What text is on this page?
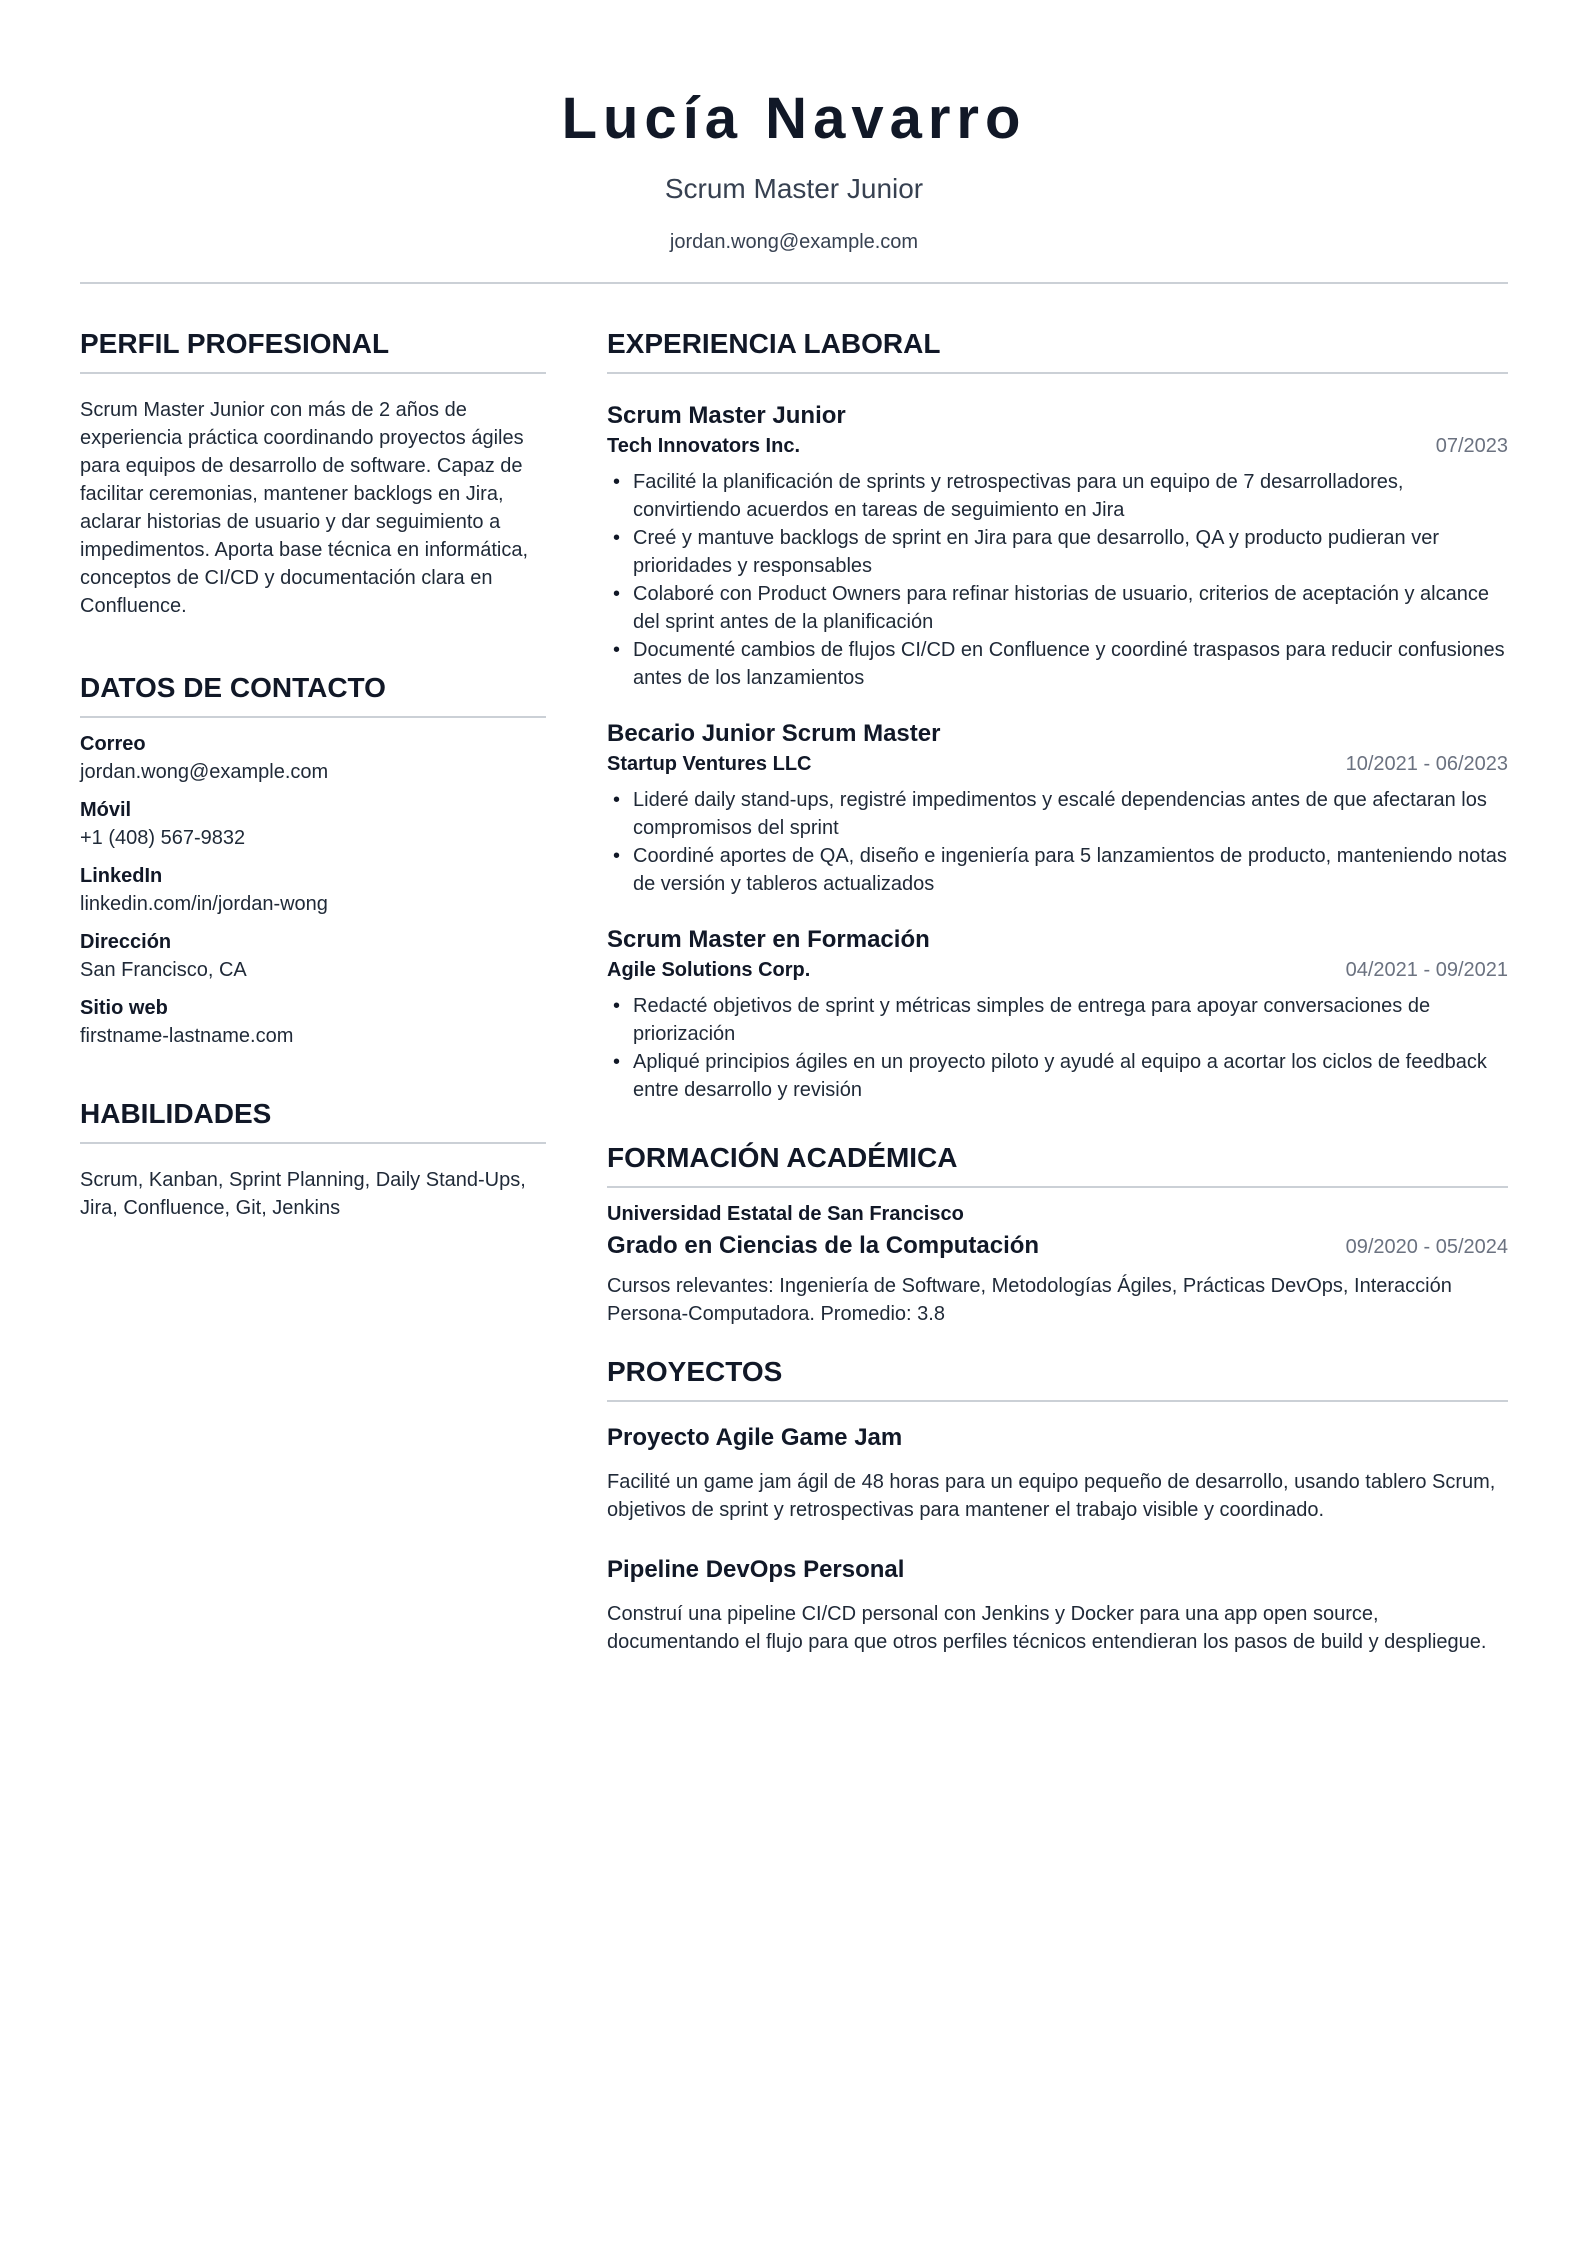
Lucía Navarro
Scrum Master Junior
jordan.wong@example.com
PERFIL PROFESIONAL
Scrum Master Junior con más de 2 años de experiencia práctica coordinando proyectos ágiles para equipos de desarrollo de software. Capaz de facilitar ceremonias, mantener backlogs en Jira, aclarar historias de usuario y dar seguimiento a impedimentos. Aporta base técnica en informática, conceptos de CI/CD y documentación clara en Confluence.
DATOS DE CONTACTO
Correo
jordan.wong@example.com
Móvil
+1 (408) 567-9832
LinkedIn
linkedin.com/in/jordan-wong
Dirección
San Francisco, CA
Sitio web
firstname-lastname.com
HABILIDADES
Scrum, Kanban, Sprint Planning, Daily Stand-Ups, Jira, Confluence, Git, Jenkins
EXPERIENCIA LABORAL
Scrum Master Junior
Tech Innovators Inc.	07/2023
• Facilité la planificación de sprints y retrospectivas para un equipo de 7 desarrolladores, convirtiendo acuerdos en tareas de seguimiento en Jira
• Creé y mantuve backlogs de sprint en Jira para que desarrollo, QA y producto pudieran ver prioridades y responsables
• Colaboré con Product Owners para refinar historias de usuario, criterios de aceptación y alcance del sprint antes de la planificación
• Documenté cambios de flujos CI/CD en Confluence y coordiné traspasos para reducir confusiones antes de los lanzamientos
Becario Junior Scrum Master
Startup Ventures LLC	10/2021 - 06/2023
• Lideré daily stand-ups, registré impedimentos y escalé dependencias antes de que afectaran los compromisos del sprint
• Coordiné aportes de QA, diseño e ingeniería para 5 lanzamientos de producto, manteniendo notas de versión y tableros actualizados
Scrum Master en Formación
Agile Solutions Corp.	04/2021 - 09/2021
• Redacté objetivos de sprint y métricas simples de entrega para apoyar conversaciones de priorización
• Apliqué principios ágiles en un proyecto piloto y ayudé al equipo a acortar los ciclos de feedback entre desarrollo y revisión
FORMACIÓN ACADÉMICA
Universidad Estatal de San Francisco
Grado en Ciencias de la Computación	09/2020 - 05/2024
Cursos relevantes: Ingeniería de Software, Metodologías Ágiles, Prácticas DevOps, Interacción Persona-Computadora. Promedio: 3.8
PROYECTOS
Proyecto Agile Game Jam
Facilité un game jam ágil de 48 horas para un equipo pequeño de desarrollo, usando tablero Scrum, objetivos de sprint y retrospectivas para mantener el trabajo visible y coordinado.
Pipeline DevOps Personal
Construí una pipeline CI/CD personal con Jenkins y Docker para una app open source, documentando el flujo para que otros perfiles técnicos entendieran los pasos de build y despliegue.
